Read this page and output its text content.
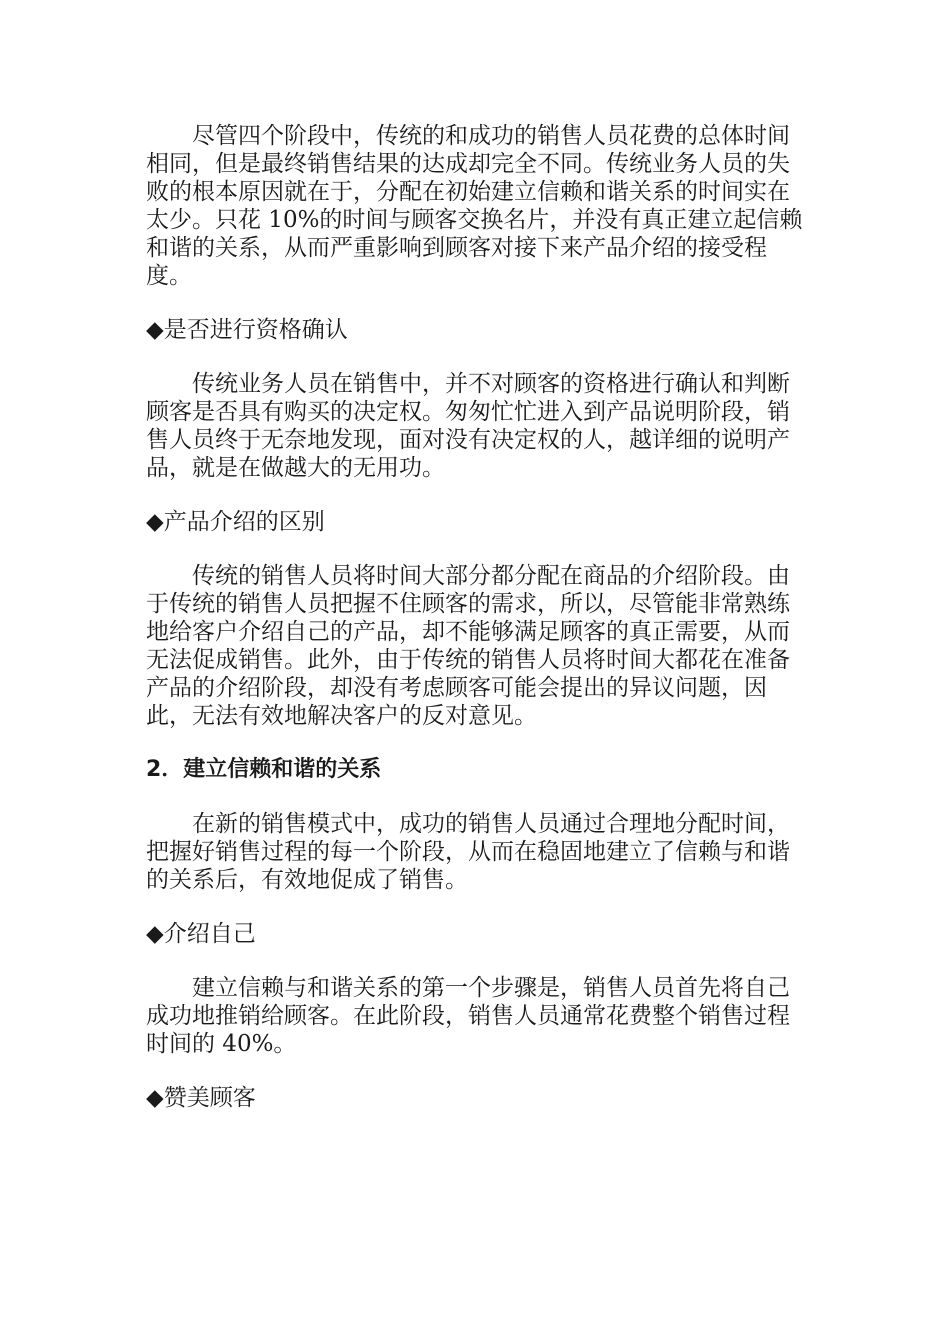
尽管四个阶段中，传统的和成功的销售人员花费的总体时间相同，但是最终销售结果的达成却完全不同。传统业务人员的失败的根本原因就在于，分配在初始建立信赖和谐关系的时间实在太少。只花 10%的时间与顾客交换名片，并没有真正建立起信赖和谐的关系，从而严重影响到顾客对接下来产品介绍的接受程度。

◆是否进行资格确认

传统业务人员在销售中，并不对顾客的资格进行确认和判断顾客是否具有购买的决定权。匆匆忙忙进入到产品说明阶段，销售人员终于无奈地发现，面对没有决定权的人，越详细的说明产品，就是在做越大的无用功。

◆产品介绍的区别

传统的销售人员将时间大部分都分配在商品的介绍阶段。由于传统的销售人员把握不住顾客的需求，所以，尽管能非常熟练地给客户介绍自己的产品，却不能够满足顾客的真正需要，从而无法促成销售。此外，由于传统的销售人员将时间大都花在准备产品的介绍阶段，却没有考虑顾客可能会提出的异议问题，因此，无法有效地解决客户的反对意见。

2．建立信赖和谐的关系

在新的销售模式中，成功的销售人员通过合理地分配时间，把握好销售过程的每一个阶段，从而在稳固地建立了信赖与和谐的关系后，有效地促成了销售。

◆介绍自己

建立信赖与和谐关系的第一个步骤是，销售人员首先将自己成功地推销给顾客。在此阶段，销售人员通常花费整个销售过程时间的 40%。

◆赞美顾客
